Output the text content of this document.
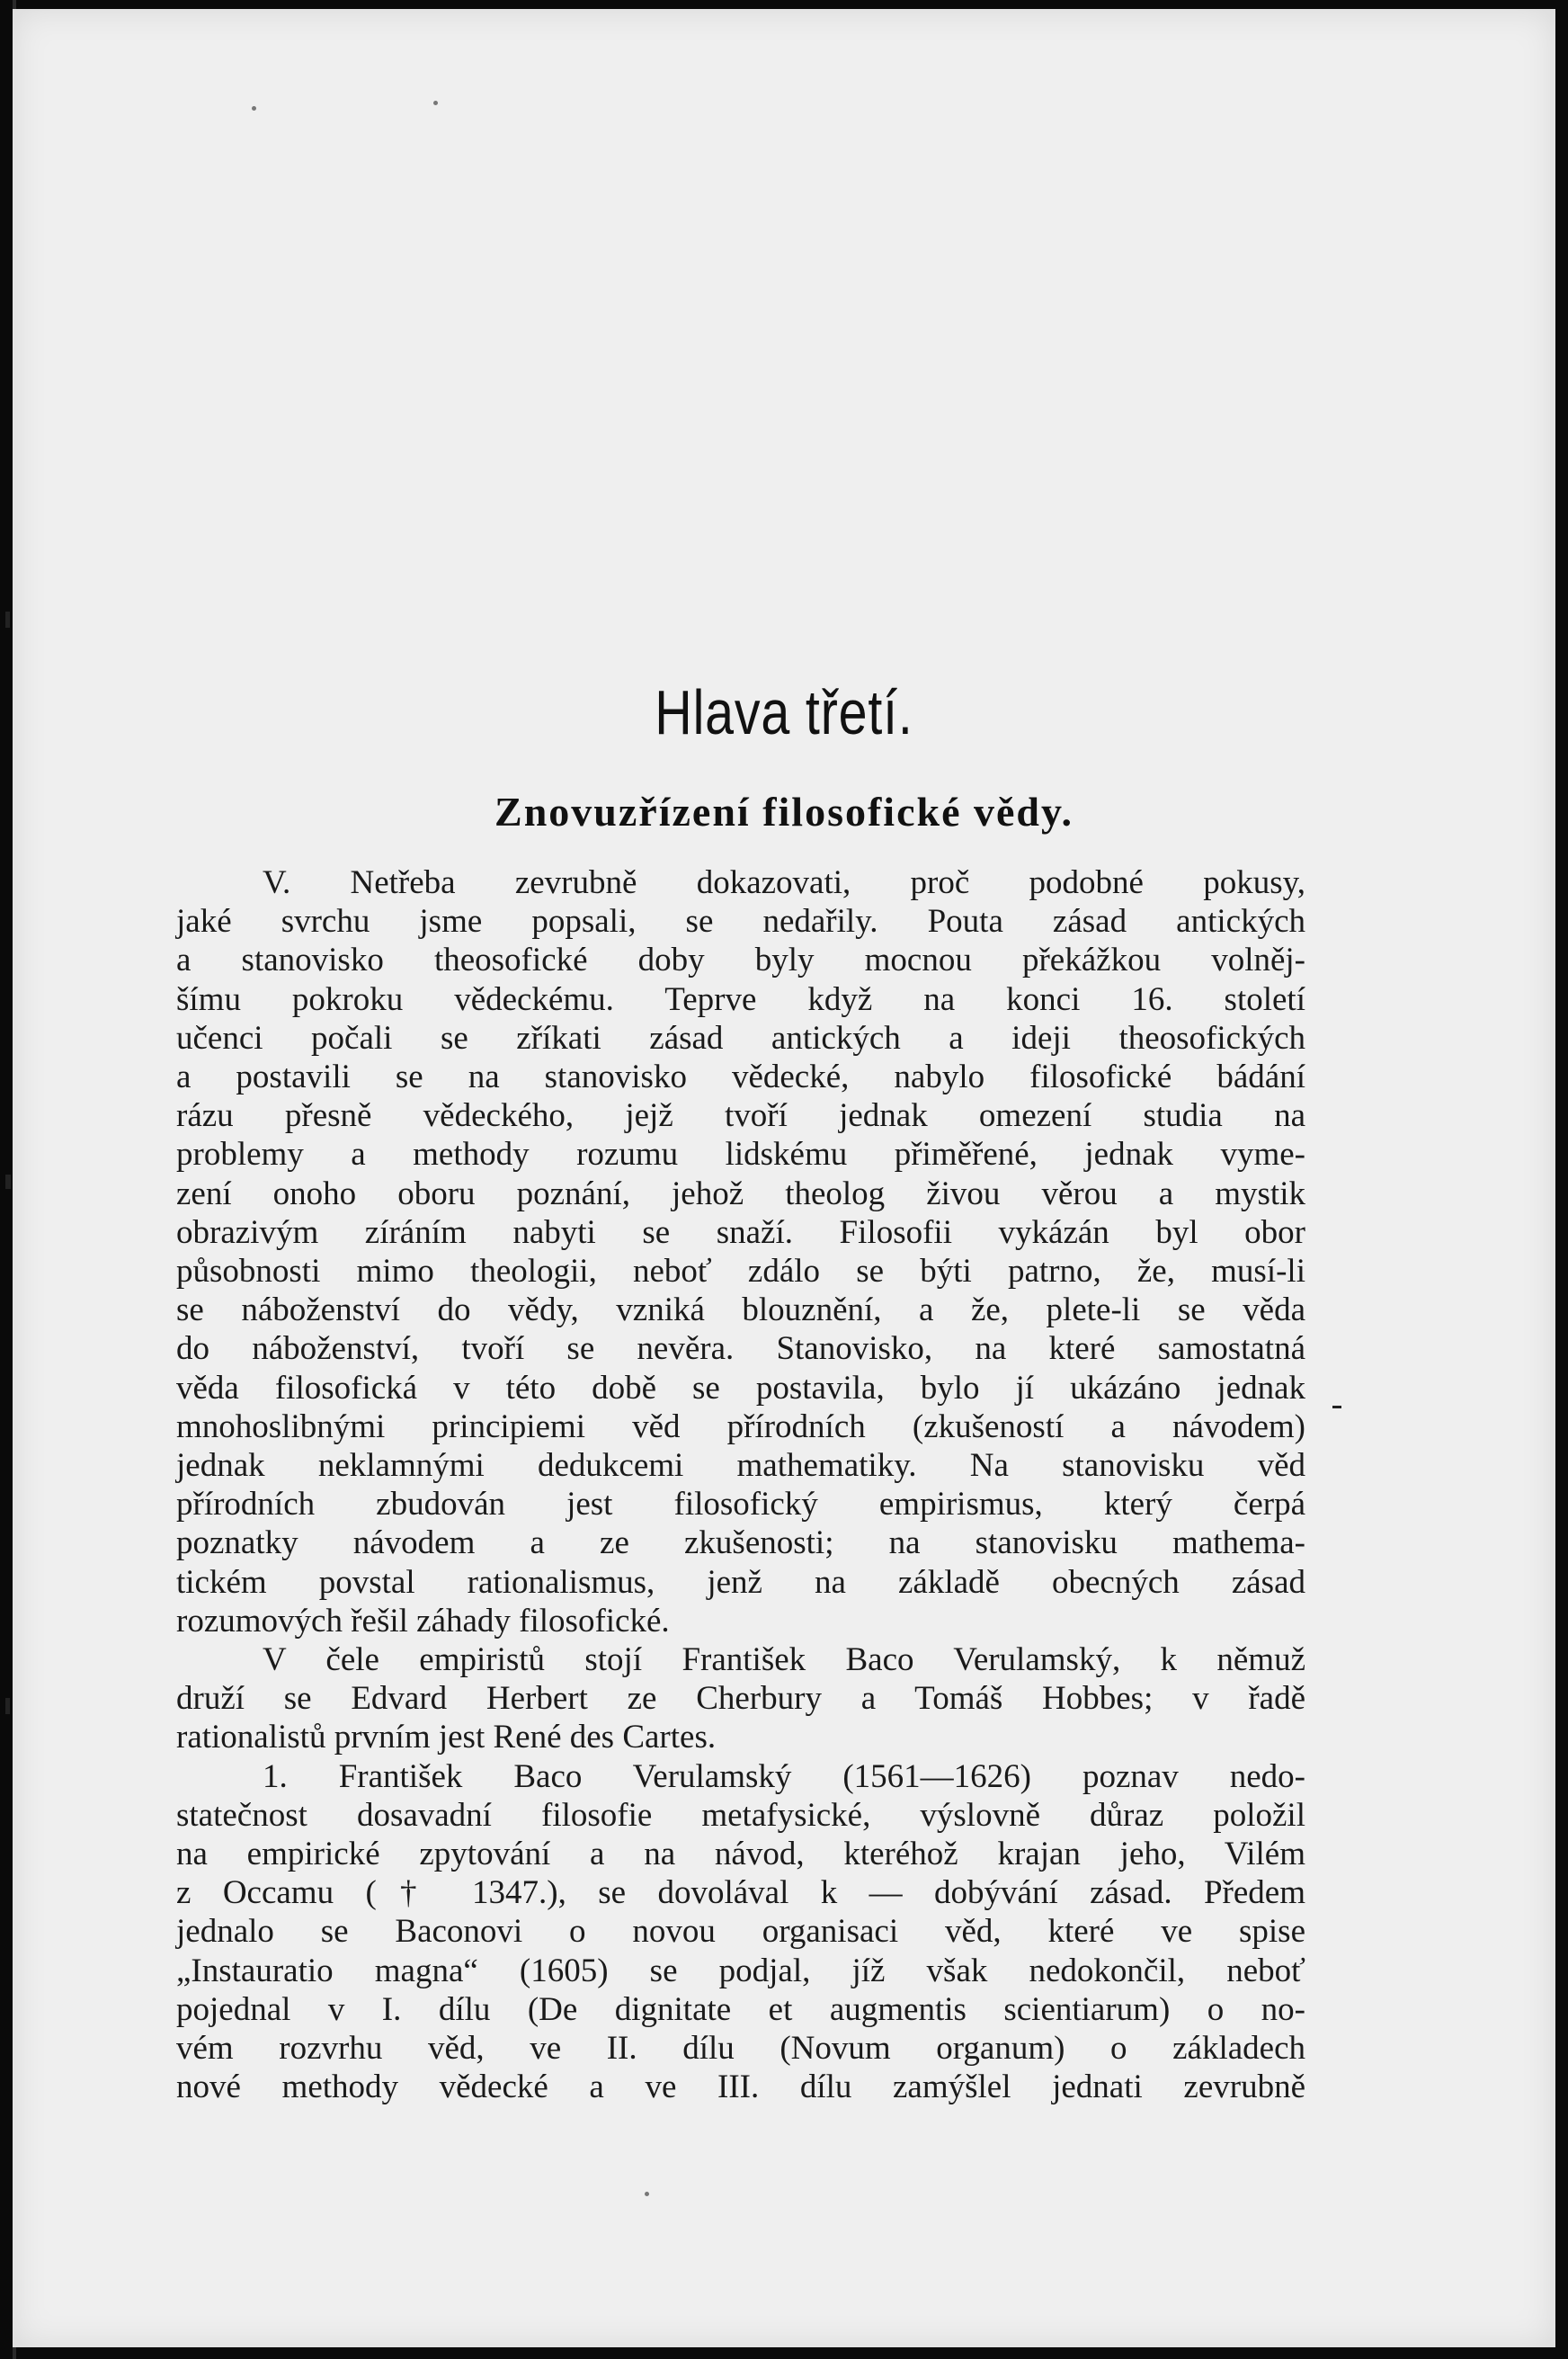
Hlava třetí.
Znovuzřízení filosofické vědy.
V. Netřeba zevrubně dokazovati, proč podobné pokusy,
jaké svrchu jsme popsali, se nedařily. Pouta zásad antických
a stanovisko theosofické doby byly mocnou překážkou volněj-
šímu pokroku vědeckému. Teprve když na konci 16. století
učenci počali se zříkati zásad antických a ideji theosofických
a postavili se na stanovisko vědecké, nabylo filosofické bádání
rázu přesně vědeckého, jejž tvoří jednak omezení studia na
problemy a methody rozumu lidskému přiměřené, jednak vyme-
zení onoho oboru poznání, jehož theolog živou věrou a mystik
obrazivým zíráním nabyti se snaží. Filosofii vykázán byl obor
působnosti mimo theologii, neboť zdálo se býti patrno, že, musí-li
se náboženství do vědy, vzniká blouznění, a že, plete-li se věda
do náboženství, tvoří se nevěra. Stanovisko, na které samostatná
věda filosofická v této době se postavila, bylo jí ukázáno jednak
mnohoslibnými principiemi věd přírodních (zkušeností a návodem)
jednak neklamnými dedukcemi mathematiky. Na stanovisku věd
přírodních zbudován jest filosofický empirismus, který čerpá
poznatky návodem a ze zkušenosti; na stanovisku mathema-
tickém povstal rationalismus, jenž na základě obecných zásad
rozumových řešil záhady filosofické.
V čele empiristů stojí František Baco Verulamský, k němuž
druží se Edvard Herbert ze Cherbury a Tomáš Hobbes; v řadě
rationalistů prvním jest René des Cartes.
1. František Baco Verulamský (1561—1626) poznav nedo-
statečnost dosavadní filosofie metafysické, výslovně důraz položil
na empirické zpytování a na návod, kteréhož krajan jeho, Vilém
z Occamu († 1347.), se dovolával k — dobývání zásad. Předem
jednalo se Baconovi o novou organisaci věd, které ve spise
„Instauratio magna“ (1605) se podjal, jíž však nedokončil, neboť
pojednal v I. dílu (De dignitate et augmentis scientiarum) o no-
vém rozvrhu věd, ve II. dílu (Novum organum) o základech
nové methody vědecké a ve III. dílu zamýšlel jednati zevrubně
